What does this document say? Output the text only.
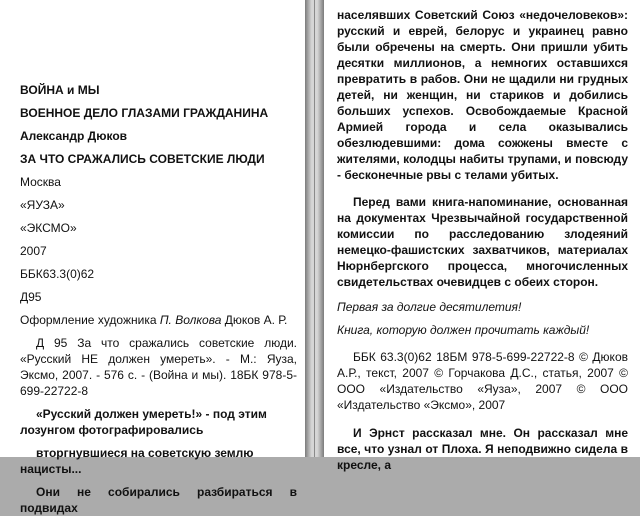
ВОЙНА и МЫ

ВОЕННОЕ ДЕЛО ГЛАЗАМИ ГРАЖДАНИНА

Александр Дюков

ЗА ЧТО СРАЖАЛИСЬ СОВЕТСКИЕ ЛЮДИ

Москва

«ЯУЗА»

«ЭКСМО»

2007

ББК63.3(0)62

Д95

Оформление художника П. Волкова Дюков А. Р.

Д 95 За что сражались советские люди. «Русский НЕ должен умереть». - М.: Яуза, Эксмо, 2007. - 576 с. - (Война и мы). 18БК 978-5-699-22722-8

«Русский должен умереть!» - под этим лозунгом фотографировались

вторгнувшиеся на советскую землю нацисты...

Они не собирались разбираться в подвидах

населявших Советский Союз «недочеловеков»: русский и еврей, белорус и украинец равно были обречены на смерть. Они пришли убить десятки миллионов, а немногих оставшихся превратить в рабов. Они не щадили ни грудных детей, ни женщин, ни стариков и добились больших успехов. Освобождаемые Красной Армией города и села оказывались обезлюдевшими: дома сожжены вместе с жителями, колодцы набиты трупами, и повсюду - бесконечные рвы с телами убитых.

Перед вами книга-напоминание, основанная на документах Чрезвычайной государственной комиссии по расследованию злодеяний немецко-фашистских захватчиков, материалах Нюрнбергского процесса, многочисленных свидетельствах очевидцев с обеих сторон.

Первая за долгие десятилетия!

Книга, которую должен прочитать каждый!

ББК 63.3(0)62 18БМ 978-5-699-22722-8 © Дюков А.Р., текст, 2007 © Горчакова Д.С., статья, 2007 © ООО «Издательство «Яуза», 2007 © ООО «Издательство «Эксмо», 2007

И Эрнст рассказал мне. Он рассказал мне все, что узнал от Плоха. Я неподвижно сидела в кресле, а
